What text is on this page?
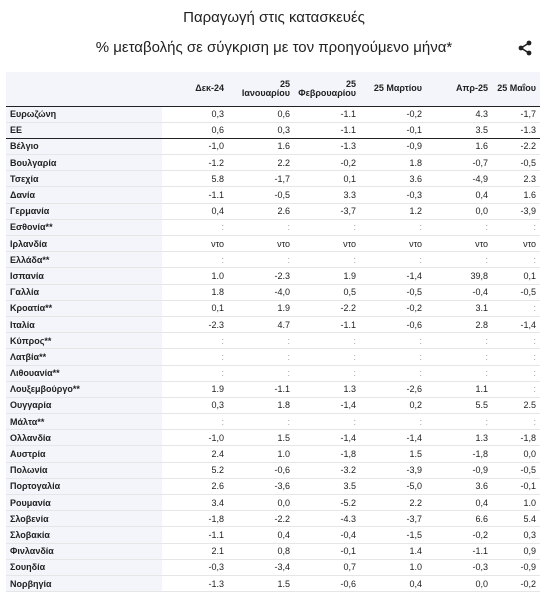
Παραγωγή στις κατασκευές
% μεταβολής σε σύγκριση με τον προηγούμενο μήνα*
	Δεκ-24	25 Ιανουαρίου	25 Φεβρουαρίου	25 Μαρτίου	Απρ-25	25 Μαΐου
Ευρωζώνη	0,3	0,6	-1.1	-0,2	4.3	-1,7
ΕΕ	0,6	0,3	-1.1	-0,1	3.5	-1.3
Βέλγιο	-1,0	1.6	-1.3	-0,9	1.6	-2.2
Βουλγαρία	-1.2	2.2	-0,2	1.8	-0,7	-0,5
Τσεχία	5.8	-1,7	0,1	3.6	-4,9	2.3
Δανία	-1.1	-0,5	3.3	-0,3	0,4	1.6
Γερμανία	0,4	2.6	-3,7	1.2	0,0	-3,9
Εσθονία**	:	:	:	:	:	:
Ιρλανδία	ντο	ντο	ντο	ντο	ντο	ντο
Ελλάδα**	:	:	:	:	:	:
Ισπανία	1.0	-2.3	1.9	-1,4	39,8	0,1
Γαλλία	1.8	-4,0	0,5	-0,5	-0,4	-0,5
Κροατία**	0,1	1.9	-2.2	-0,2	3.1	:
Ιταλία	-2.3	4.7	-1.1	-0,6	2.8	-1,4
Κύπρος**	:	:	:	:	:	:
Λατβία**	:	:	:	:	:	:
Λιθουανία**	:	:	:	:	:	:
Λουξεμβούργο**	1.9	-1.1	1.3	-2,6	1.1	:
Ουγγαρία	0,3	1.8	-1,4	0,2	5.5	2.5
Μάλτα**	:	:	:	:	:	:
Ολλανδία	-1,0	1.5	-1,4	-1,4	1.3	-1,8
Αυστρία	2.4	1.0	-1,8	1.5	-1,8	0,0
Πολωνία	5.2	-0,6	-3.2	-3,9	-0,9	-0,5
Πορτογαλία	2.6	-3,6	3.5	-5,0	3.6	-0,1
Ρουμανία	3.4	0,0	-5.2	2.2	0,4	1.0
Σλοβενία	-1,8	-2.2	-4.3	-3,7	6.6	5.4
Σλοβακία	-1.1	0,4	-0,4	-1,5	-0,2	0,3
Φινλανδία	2.1	0,8	-0,1	1.4	-1.1	0,9
Σουηδία	-0,3	-3,4	0,7	1.0	-0,3	-0,9
Νορβηγία	-1.3	1.5	-0,6	0,4	0,0	-0,2
